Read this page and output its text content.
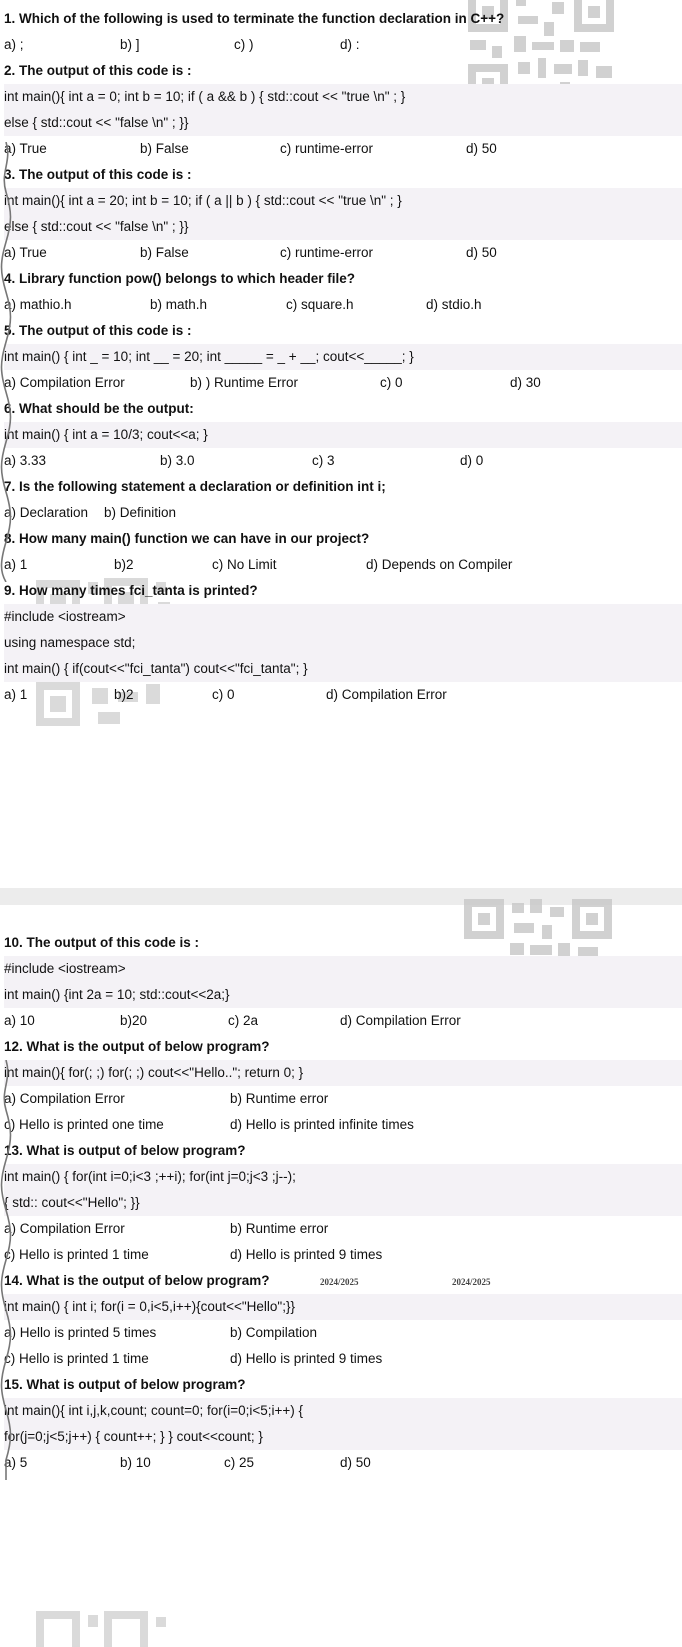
1. Which of the following is used to terminate the function declaration in C++?
a) ;	b) ]	c) )	d) :
2. The output of this code is :
int main(){ int a = 0; int b = 10; if ( a && b ) { std::cout << "true \n" ; }
else { std::cout << "false \n" ; }}
a) True	b) False	c) runtime-error	d) 50
3. The output of this code is :
int main(){ int a = 20; int b = 10; if ( a || b ) { std::cout << "true \n" ; }
else { std::cout << "false \n" ; }}
a) True	b) False	c) runtime-error	d) 50
4. Library function pow() belongs to which header file?
a) mathio.h	b) math.h	c) square.h	d) stdio.h
5. The output of this code is :
int main() { int _ = 10; int __ = 20; int _____ = _ + __; cout<<_____; }
a) Compilation Error	b) ) Runtime Error	c) 0	d) 30
6. What should be the output:
int main() { int a = 10/3; cout<<a; }
a) 3.33	b) 3.0	c) 3	d) 0
7. Is the following statement a declaration or definition int i;
a) Declaration b) Definition
8. How many main() function we can have in our project?
a) 1	b)2	c) No Limit	d) Depends on Compiler
9. How many times fci_tanta is printed?
#include <iostream>
using namespace std;
int main() { if(cout<<"fci_tanta") cout<<"fci_tanta"; }
a) 1	b)2	c) 0	d) Compilation Error
10. The output of this code is :
#include <iostream>
int main() {int 2a = 10; std::cout<<2a;}
a) 10	b)20	c) 2a	d) Compilation Error
12. What is the output of below program?
int main(){ for(; ;) for(; ;) cout<<"Hello.."; return 0; }
a) Compilation Error	b) Runtime error
c) Hello is printed one time	d) Hello is printed infinite times
13. What is output of below program?
int main() { for(int i=0;i<3 ;++i); for(int j=0;j<3 ;j--);
{ std:: cout<<"Hello"; }}
a) Compilation Error	b) Runtime error
c) Hello is printed 1 time	d) Hello is printed 9 times
14. What is the output of below program?	2024/2025	2024/2025
int main() { int i; for(i = 0,i<5,i++){cout<<"Hello";}}
a) Hello is printed 5 times	b) Compilation
c) Hello is printed 1 time	d) Hello is printed 9 times
15. What is output of below program?
int main(){ int i,j,k,count; count=0; for(i=0;i<5;i++) {
for(j=0;j<5;j++) { count++; } } cout<<count; }
a) 5	b) 10	c) 25	d) 50
